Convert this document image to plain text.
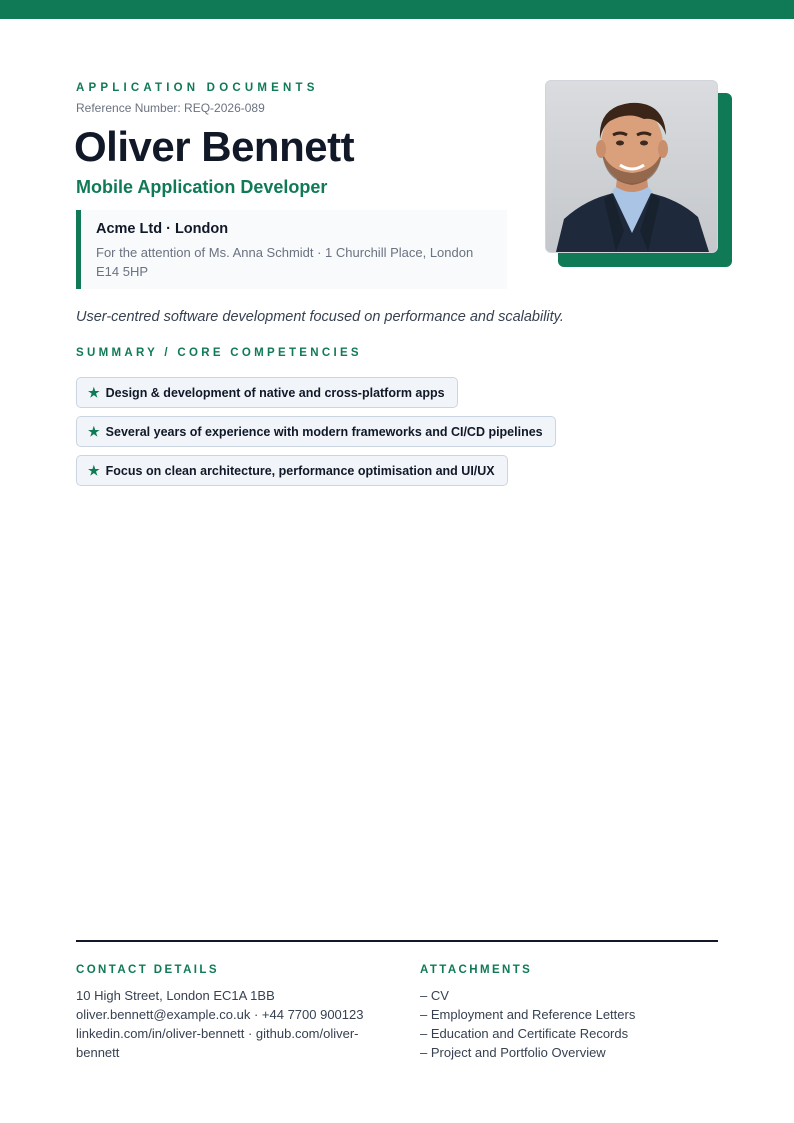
APPLICATION DOCUMENTS
Reference Number: REQ-2026-089
Oliver Bennett
Mobile Application Developer
Acme Ltd · London
For the attention of Ms. Anna Schmidt · 1 Churchill Place, London E14 5HP
User-centred software development focused on performance and scalability.
SUMMARY / CORE COMPETENCIES
★ Design & development of native and cross-platform apps
★ Several years of experience with modern frameworks and CI/CD pipelines
★ Focus on clean architecture, performance optimisation and UI/UX
CONTACT DETAILS
10 High Street, London EC1A 1BB
oliver.bennett@example.co.uk · +44 7700 900123
linkedin.com/in/oliver-bennett · github.com/oliver-bennett
ATTACHMENTS
– CV
– Employment and Reference Letters
– Education and Certificate Records
– Project and Portfolio Overview
